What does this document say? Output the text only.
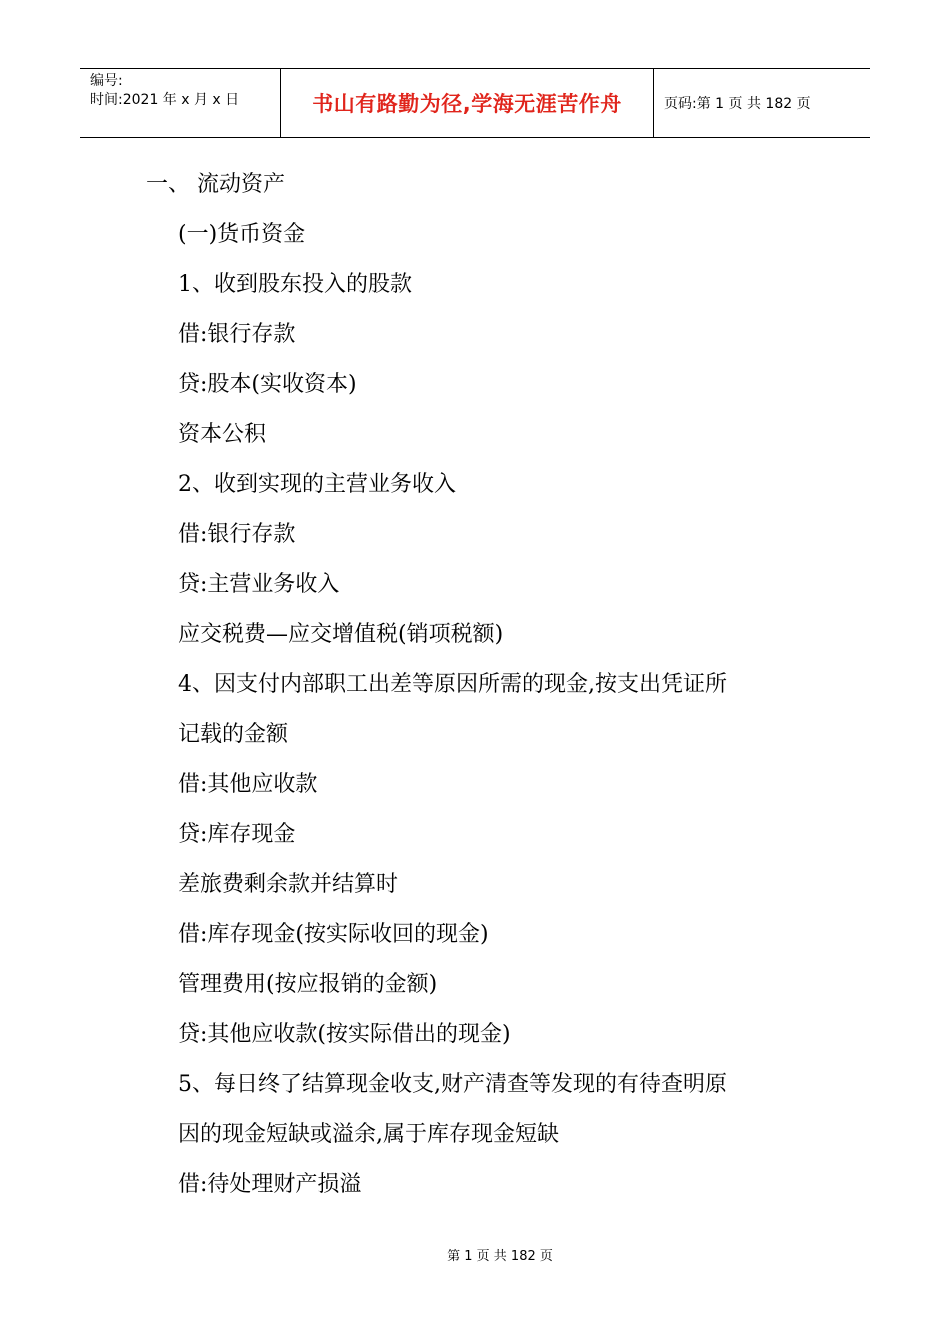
编号:
时间:2021 年 x 月 x 日	书山有路勤为径,学海无涯苦作舟	页码:第 1 页 共 182 页
一、 流动资产
(一)货币资金
1、收到股东投入的股款
借:银行存款
贷:股本(实收资本)
资本公积
2、收到实现的主营业务收入
借:银行存款
贷:主营业务收入
应交税费—应交增值税(销项税额)
4、因支付内部职工出差等原因所需的现金,按支出凭证所
记载的金额
借:其他应收款
贷:库存现金
差旅费剩余款并结算时
借:库存现金(按实际收回的现金)
管理费用(按应报销的金额)
贷:其他应收款(按实际借出的现金)
5、每日终了结算现金收支,财产清查等发现的有待查明原
因的现金短缺或溢余,属于库存现金短缺
借:待处理财产损溢
第 1 页 共 182 页
